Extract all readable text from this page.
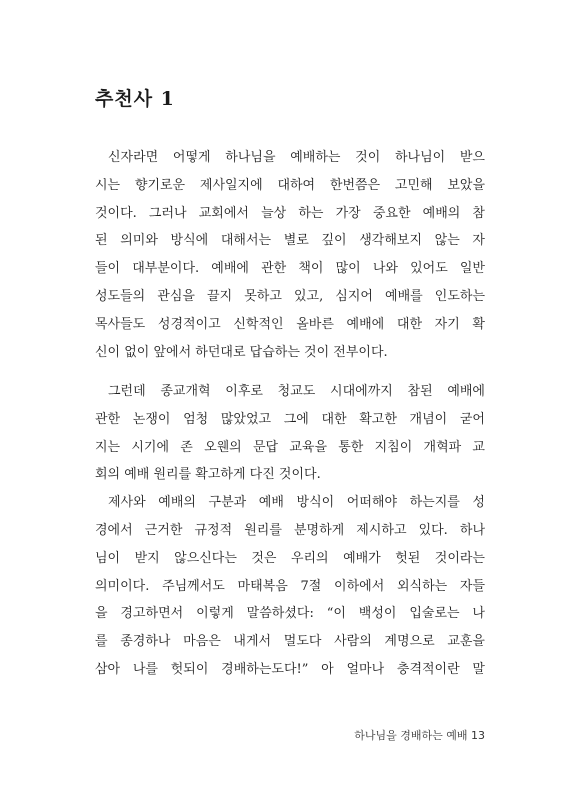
추천사 1
신자라면 어떻게 하나님을 예배하는 것이 하나님이 받으
시는 향기로운 제사일지에 대하여 한번쯤은 고민해 보았을
것이다. 그러나 교회에서 늘상 하는 가장 중요한 예배의 참
된 의미와 방식에 대해서는 별로 깊이 생각해보지 않는 자
들이 대부분이다. 예배에 관한 책이 많이 나와 있어도 일반
성도들의 관심을 끌지 못하고 있고, 심지어 예배를 인도하는
목사들도 성경적이고 신학적인 올바른 예배에 대한 자기 확
신이 없이 앞에서 하던대로 답습하는 것이 전부이다.
그런데 종교개혁 이후로 청교도 시대에까지 참된 예배에
관한 논쟁이 엄청 많았었고 그에 대한 확고한 개념이 굳어
지는 시기에 존 오웬의 문답 교육을 통한 지침이 개혁파 교
회의 예배 원리를 확고하게 다진 것이다.
제사와 예배의 구분과 예배 방식이 어떠해야 하는지를 성
경에서 근거한 규정적 원리를 분명하게 제시하고 있다. 하나
님이 받지 않으신다는 것은 우리의 예배가 헛된 것이라는
의미이다. 주님께서도 마태복음 7절 이하에서 외식하는 자들
을 경고하면서 이렇게 말씀하셨다: “이 백성이 입술로는 나
를 종경하나 마음은 내게서 멀도다 사람의 계명으로 교훈을
삼아 나를 헛되이 경배하는도다!” 아 얼마나 충격적이란 말
하나님을 경배하는 예배 13
